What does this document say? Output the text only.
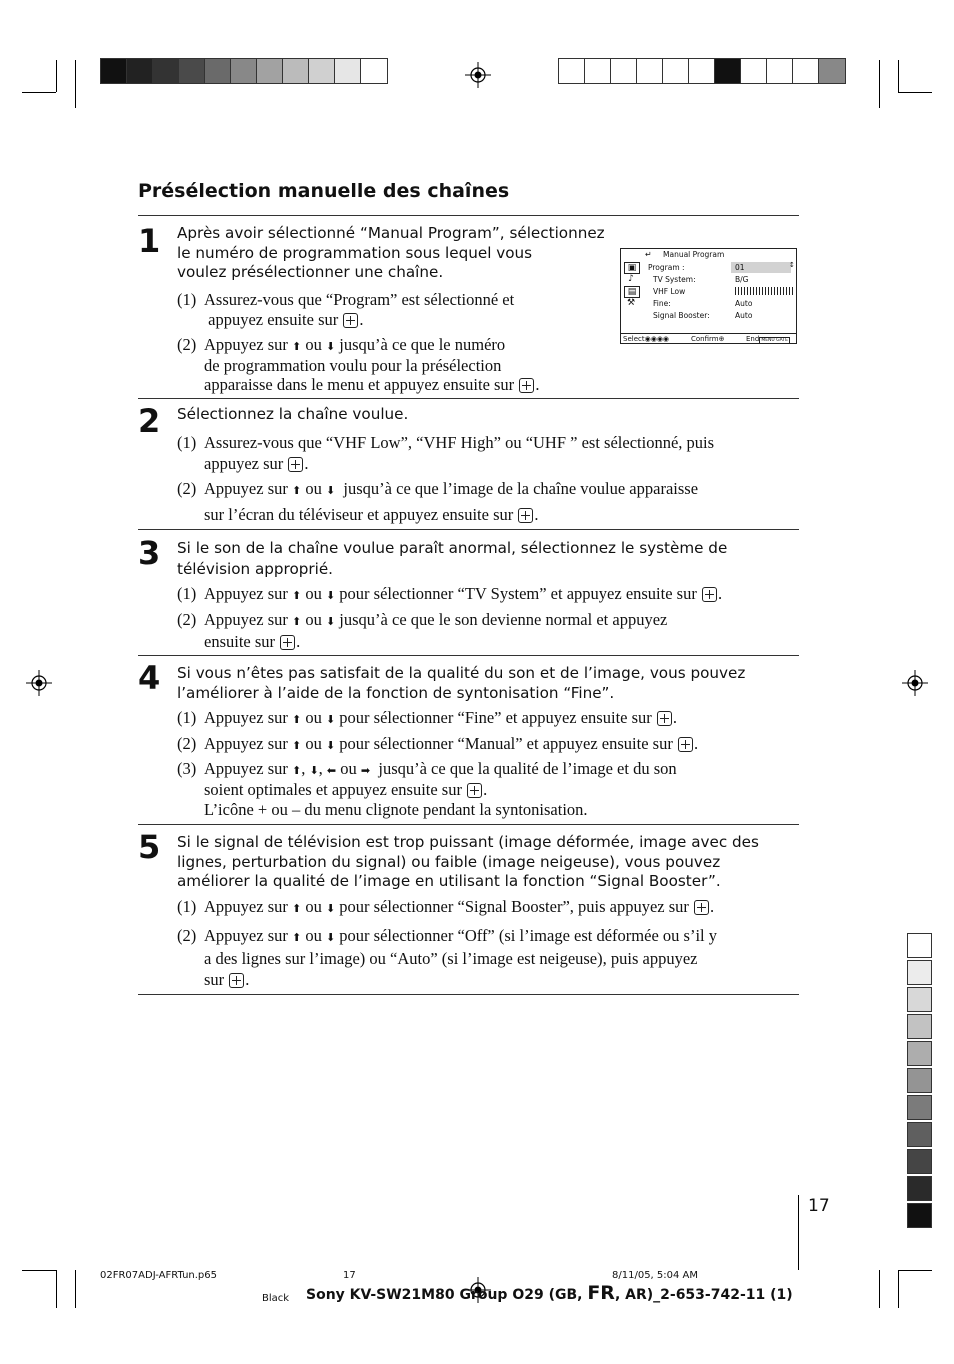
Présélection manuelle des chaînes
1 Après avoir sélectionné “Manual Program”, sélectionnez
le numéro de programmation sous lequel vous
voulez présélectionner une chaîne.
(1) Assurez-vous que “Program” est sélectionné et
appuyez ensuite sur .
(2) Appuyez sur ⬆ ou ⬇ jusqu’à ce que le numéro
de programmation voulu pour la présélection
apparaisse dans le menu et appuyez ensuite sur .
↵ Manual Program
▣
♪
▤
⚒
Program :	01	↕
TV System:	B/G
VHF Low
Fine:	Auto
Signal Booster:	Auto
Select◉◉◉◉	Confirm⊕	End MENU GATE
2 Sélectionnez la chaîne voulue.
(1) Assurez-vous que “VHF Low”, “VHF High” ou “UHF ” est sélectionné, puis
appuyez sur .
(2) Appuyez sur ⬆ ou ⬇ jusqu’à ce que l’image de la chaîne voulue apparaisse
sur l’écran du téléviseur et appuyez ensuite sur .
3 Si le son de la chaîne voulue paraît anormal, sélectionnez le système de
télévision approprié.
(1) Appuyez sur ⬆ ou ⬇ pour sélectionner “TV System” et appuyez ensuite sur .
(2) Appuyez sur ⬆ ou ⬇ jusqu’à ce que le son devienne normal et appuyez
ensuite sur .
4 Si vous n’êtes pas satisfait de la qualité du son et de l’image, vous pouvez
l’améliorer à l’aide de la fonction de syntonisation “Fine”.
(1) Appuyez sur ⬆ ou ⬇ pour sélectionner “Fine” et appuyez ensuite sur .
(2) Appuyez sur ⬆ ou ⬇ pour sélectionner “Manual” et appuyez ensuite sur .
(3) Appuyez sur ⬆, ⬇, ⬅ ou ➡ jusqu’à ce que la qualité de l’image et du son
soient optimales et appuyez ensuite sur .
L’icône + ou – du menu clignote pendant la syntonisation.
5 Si le signal de télévision est trop puissant (image déformée, image avec des
lignes, perturbation du signal) ou faible (image neigeuse), vous pouvez
améliorer la qualité de l’image en utilisant la fonction “Signal Booster”.
(1) Appuyez sur ⬆ ou ⬇ pour sélectionner “Signal Booster”, puis appuyez sur .
(2) Appuyez sur ⬆ ou ⬇ pour sélectionner “Off” (si l’image est déformée ou s’il y
a des lignes sur l’image) ou “Auto” (si l’image est neigeuse), puis appuyez
sur .
17
02FR07ADJ-AFRTun.p65	17	8/11/05, 5:04 AM
Black Sony KV-SW21M80 Group O29 (GB, FR, AR)_2-653-742-11 (1)
